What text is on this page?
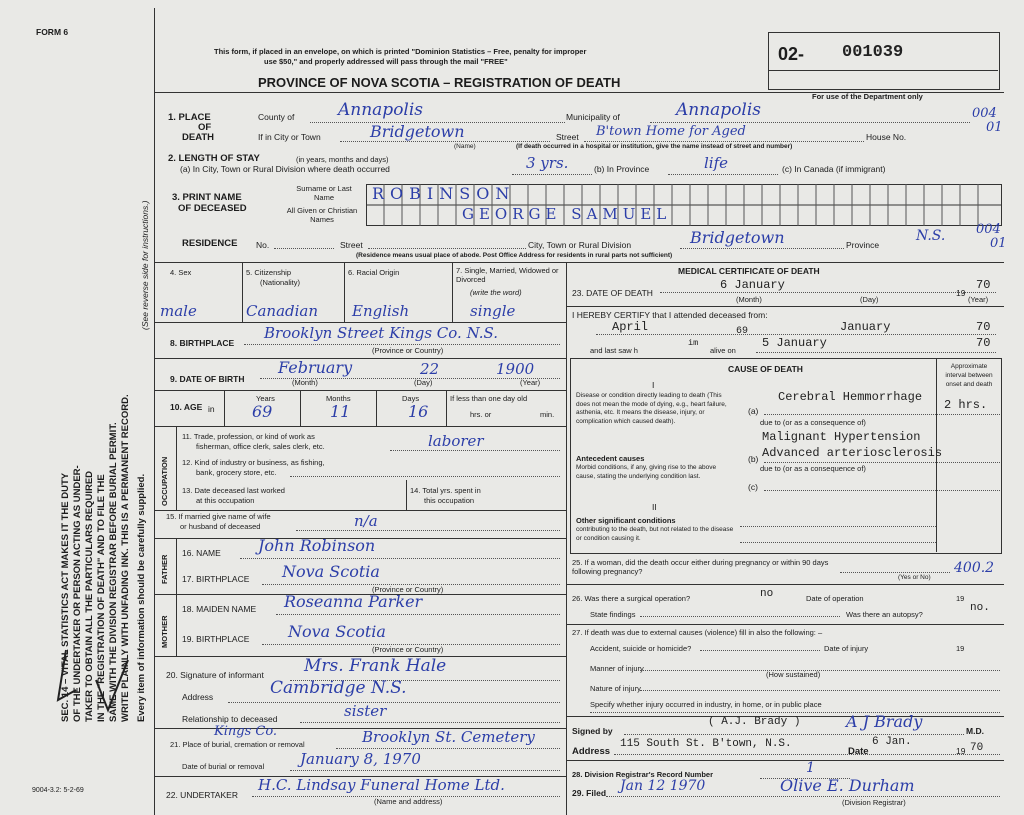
FORM 6
This form, if placed in an envelope, on which is printed "Dominion Statistics – Free, penalty for improper
use $50," and properly addressed will pass through the mail "FREE"
PROVINCE OF NOVA SCOTIA – REGISTRATION OF DEATH
02- 001039
For use of the Department only
004
01
SEC. 14 – VITAL STATISTICS ACT MAKES IT THE DUTY OF THE UNDERTAKER OR PERSON ACTING AS UNDER- TAKER TO OBTAIN ALL THE PARTICULARS REQUIRED IN THE "REGISTRATION OF DEATH" AND TO FILE THE SAME WITH THE DIVISION REGISTRAR BEFORE BURIAL PERMIT. WRITE PLAINLY WITH UNFADING INK. THIS IS A PERMANENT RECORD. Every item of information should be carefully supplied.
(See reverse side for instructions.)
9004-3.2: 5-2-69
1. PLACE
OF
DEATH
County of	Annapolis	Municipality of	Annapolis
If in City or Town	Bridgetown
(Name)
Street B'town Home for Aged	House No.
(If death occurred in a hospital or institution, give the name instead of street and number)
2. LENGTH OF STAY	(in years, months and days)
(a) In City, Town or Rural Division where death occurred	3 yrs.	(b) In Province	life	(c) In Canada (if immigrant)
3. PRINT NAME
OF DECEASED
Surname or Last Name
All Given or Christian Names
ROBINSON
GEORGE SAMUEL
RESIDENCE No.	Street	City, Town or Rural Division	Bridgetown	Province
N.S. 004
01
(Residence means usual place of abode. Post Office Address for residents in rural parts not sufficient)
4. Sex	5. Citizenship
(Nationality)
6. Racial Origin	7. Single, Married, Widowed or Divorced
(write the word)
male	Canadian English	single
8. BIRTHPLACE
Brooklyn Street Kings Co. N.S.
(Province or Country)
9. DATE OF BIRTH
February	22	1900
(Month)	(Day)	(Year)
10. AGE in
Years	Months	Days
69	11	16
If less than one day old
hrs. or	min.
OCCUPATION
11. Trade, profession, or kind of work as
fisherman, office clerk, sales clerk, etc.	laborer
12. Kind of industry or business, as fishing,
bank, grocery store, etc.
13. Date deceased last worked
at this occupation
14. Total yrs. spent in
this occupation
15. If married give name of wife
or husband of deceased	n/a
FATHER
16. NAME John Robinson
17. BIRTHPLACE Nova Scotia
(Province or Country)
MOTHER
18. MAIDEN NAME Roseanna Parker
19. BIRTHPLACE Nova Scotia
(Province or Country)
20. Signature of informant Mrs. Frank Hale
Address	Cambridge N.S.
Relationship to deceased	sister
21. Place of burial, cremation or removal
Kings Co.	Brooklyn St. Cemetery
Date of burial or removal January 8, 1970
22. UNDERTAKER
H.C. Lindsay Funeral Home Ltd.
(Name and address)
MEDICAL CERTIFICATE OF DEATH
23. DATE OF DEATH
6 January
19
70
(Month)	(Day)	(Year)
I HEREBY CERTIFY that I attended deceased from:
April	69	January	70
and last saw h
im
alive on
5 January	70
CAUSE OF DEATH	Approximate interval between onset and death
I
Disease or condition directly leading to death (This does not mean the mode of dying, e.g., heart failure, asthenia, etc. It means the disease, injury, or complication which caused death).
(a)
Cerebral Hemmorrhage
2 hrs.
due to (or as a consequence of)
Malignant Hypertension
Antecedent causes
Morbid conditions, if any, giving rise to the above cause, stating the underlying condition last.
(b) Advanced arteriosclerosis
due to (or as a consequence of)
(c)
II
Other significant conditions
contributing to the death, but not related to the disease or condition causing it.
25. If a woman, did the death occur either during pregnancy or within 90 days following pregnancy?
(Yes or No)
400.2
26. Was there a surgical operation?	no	Date of operation	19
State findings	Was there an autopsy?
no.
27. If death was due to external causes (violence) fill in also the following: –
Accident, suicide or homicide?	Date of injury	19
Manner of injury
(How sustained)
Nature of injury
Specify whether injury occurred in industry, in home, or in public place
Signed by
( A.J. Brady )	A J Brady	M.D.
Address
115 South St. B'town, N.S.
Date
6 Jan.
19 70
28. Division Registrar's Record Number	1
29. Filed Jan 12 1970	Olive E. Durham
(Division Registrar)
